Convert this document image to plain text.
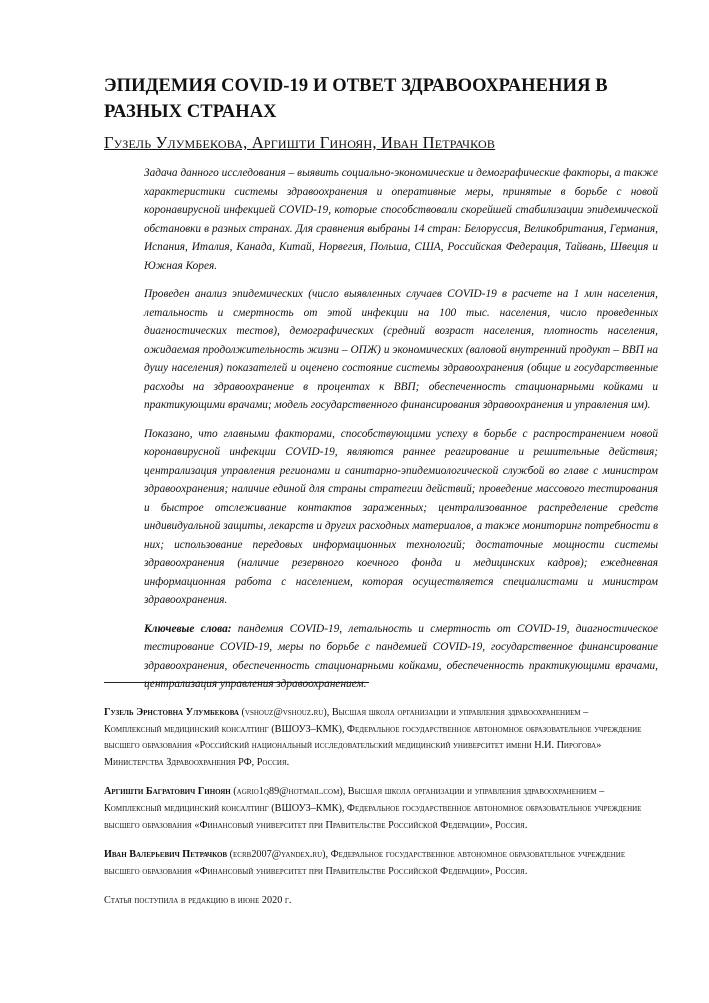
ЭПИДЕМИЯ COVID-19 И ОТВЕТ ЗДРАВООХРАНЕНИЯ В РАЗНЫХ СТРАНАХ
Гузель Улумбекова, Аргишти Гиноян, Иван Петрачков

Задача данного исследования – выявить социально-экономические и демографические факторы, а также характеристики системы здравоохранения и оперативные меры, принятые в борьбе с новой коронавирусной инфекцией COVID-19, которые способствовали скорейшей стабилизации эпидемической обстановки в разных странах. Для сравнения выбраны 14 стран: Белоруссия, Великобритания, Германия, Испания, Италия, Канада, Китай, Норвегия, Польша, США, Российская Федерация, Тайвань, Швеция и Южная Корея.

Проведен анализ эпидемических (число выявленных случаев COVID-19 в расчете на 1 млн населения, летальность и смертность от этой инфекции на 100 тыс. населения, число проведенных диагностических тестов), демографических (средний возраст населения, плотность населения, ожидаемая продолжительность жизни – ОПЖ) и экономических (валовой внутренний продукт – ВВП на душу населения) показателей и оценено состояние системы здравоохранения (общие и государственные расходы на здравоохранение в процентах к ВВП; обеспеченность стационарными койками и практикующими врачами; модель государственного финансирования здравоохранения и управления им).

Показано, что главными факторами, способствующими успеху в борьбе с распространением новой коронавирусной инфекции COVID-19, являются раннее реагирование и решительные действия; централизация управления регионами и санитарно-эпидемиологической службой во главе с министром здравоохранения; наличие единой для страны стратегии действий; проведение массового тестирования и быстрое отслеживание контактов зараженных; централизованное распределение средств индивидуальной защиты, лекарств и других расходных материалов, а также мониторинг потребности в них; использование передовых информационных технологий; достаточные мощности системы здравоохранения (наличие резервного коечного фонда и медицинских кадров); ежедневная информационная работа с населением, которая осуществляется специалистами и министром здравоохранения.

Ключевые слова: пандемия COVID-19, летальность и смертность от COVID-19, диагностическое тестирование COVID-19, меры по борьбе с пандемией COVID-19, государственное финансирование здравоохранения, обеспеченность стационарными койками, обеспеченность практикующими врачами, централизация управления здравоохранением.

Гузель Эрнстовна Улумбекова (vshouz@vshouz.ru), Высшая школа организации и управления здравоохранением – Комплексный медицинский консалтинг (ВШОУЗ–КМК), Федеральное государственное автономное образовательное учреждение высшего образования «Российский национальный исследовательский медицинский университет имени Н.И. Пирогова» Министерства Здравоохранения РФ, Россия.

Аргишти Багратович Гиноян (agrio1q89@hotmail.com), Высшая школа организации и управления здравоохранением – Комплексный медицинский консалтинг (ВШОУЗ–КМК), Федеральное государственное автономное образовательное учреждение высшего образования «Финансовый университет при Правительстве Российской Федерации», Россия.

Иван Валерьевич Петрачков (ecrb2007@yandex.ru), Федеральное государственное автономное образовательное учреждение высшего образования «Финансовый университет при Правительстве Российской Федерации», Россия.

Статья поступила в редакцию в июне 2020 г.
